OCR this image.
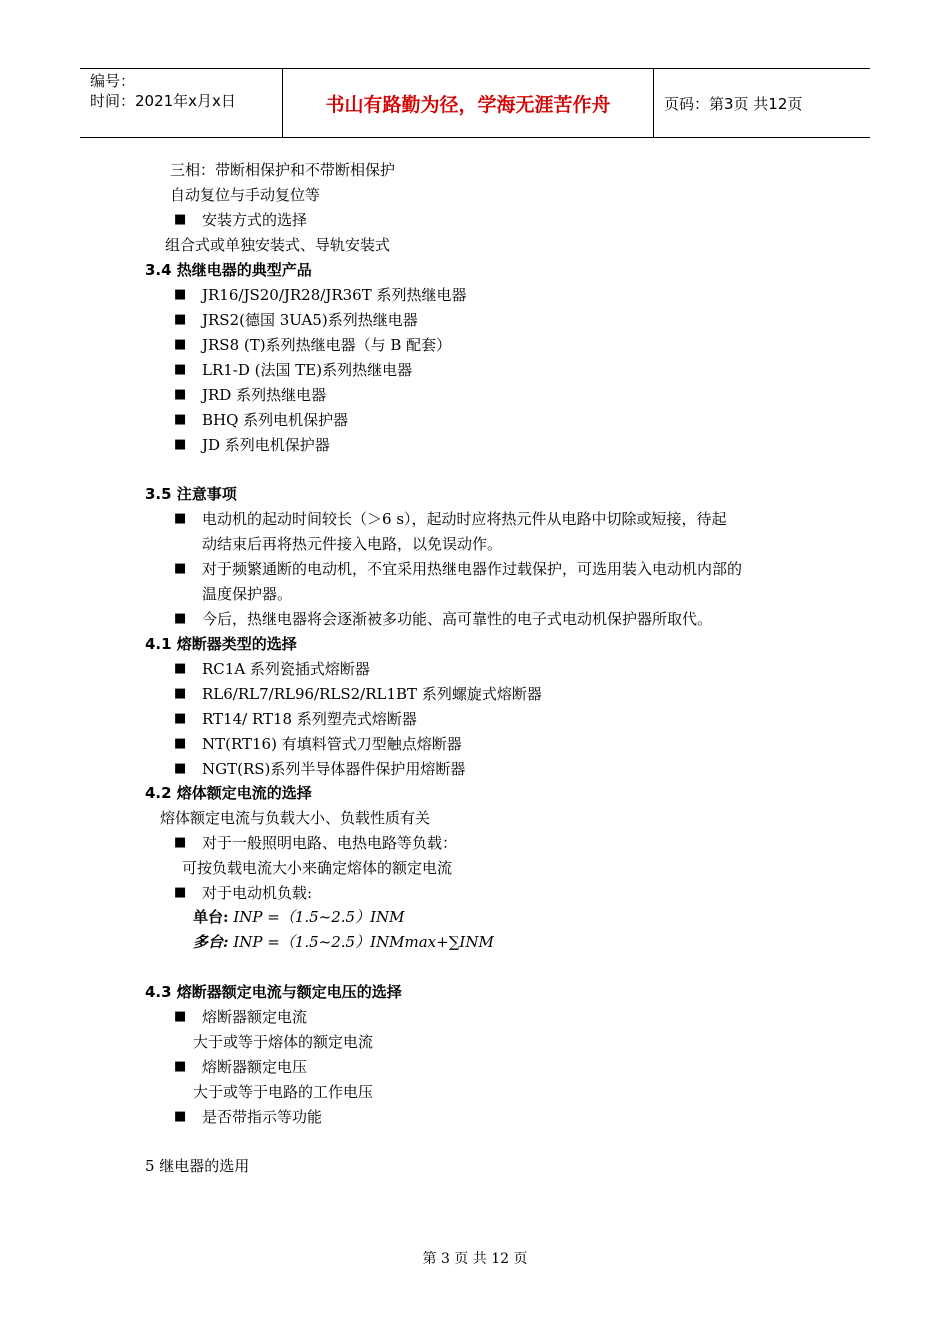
编号：
时间：2021年x月x日	书山有路勤为径，学海无涯苦作舟	页码：第3页 共12页
三相：带断相保护和不带断相保护
自动复位与手动复位等
■ 安装方式的选择
组合式或单独安装式、导轨安装式
3.4 热继电器的典型产品
■ JR16/JS20/JR28/JR36T 系列热继电器
■ JRS2(德国 3UA5)系列热继电器
■ JRS8 (T)系列热继电器（与 B 配套）
■ LR1-D (法国 TE)系列热继电器
■ JRD 系列热继电器
■ BHQ 系列电机保护器
■ JD 系列电机保护器
3.5 注意事项
■ 电动机的起动时间较长（＞6 s），起动时应将热元件从电路中切除或短接，待起
动结束后再将热元件接入电路，以免误动作。
■ 对于频繁通断的电动机，不宜采用热继电器作过载保护，可选用装入电动机内部的
温度保护器。
■ 今后，热继电器将会逐渐被多功能、高可靠性的电子式电动机保护器所取代。
4.1 熔断器类型的选择
■ RC1A 系列瓷插式熔断器
■ RL6/RL7/RL96/RLS2/RL1BT 系列螺旋式熔断器
■ RT14/ RT18 系列塑壳式熔断器
■ NT(RT16) 有填料管式刀型触点熔断器
■ NGT(RS)系列半导体器件保护用熔断器
4.2 熔体额定电流的选择
熔体额定电流与负载大小、负载性质有关
■ 对于一般照明电路、电热电路等负载：
可按负载电流大小来确定熔体的额定电流
■ 对于电动机负载:
4.3 熔断器额定电流与额定电压的选择
■ 熔断器额定电流
大于或等于熔体的额定电流
■ 熔断器额定电压
大于或等于电路的工作电压
■ 是否带指示等功能
5 继电器的选用
单台: INP =（1.5~2.5）INM
多台: INP =（1.5~2.5）INMmax+∑INM
第 3 页 共 12 页
